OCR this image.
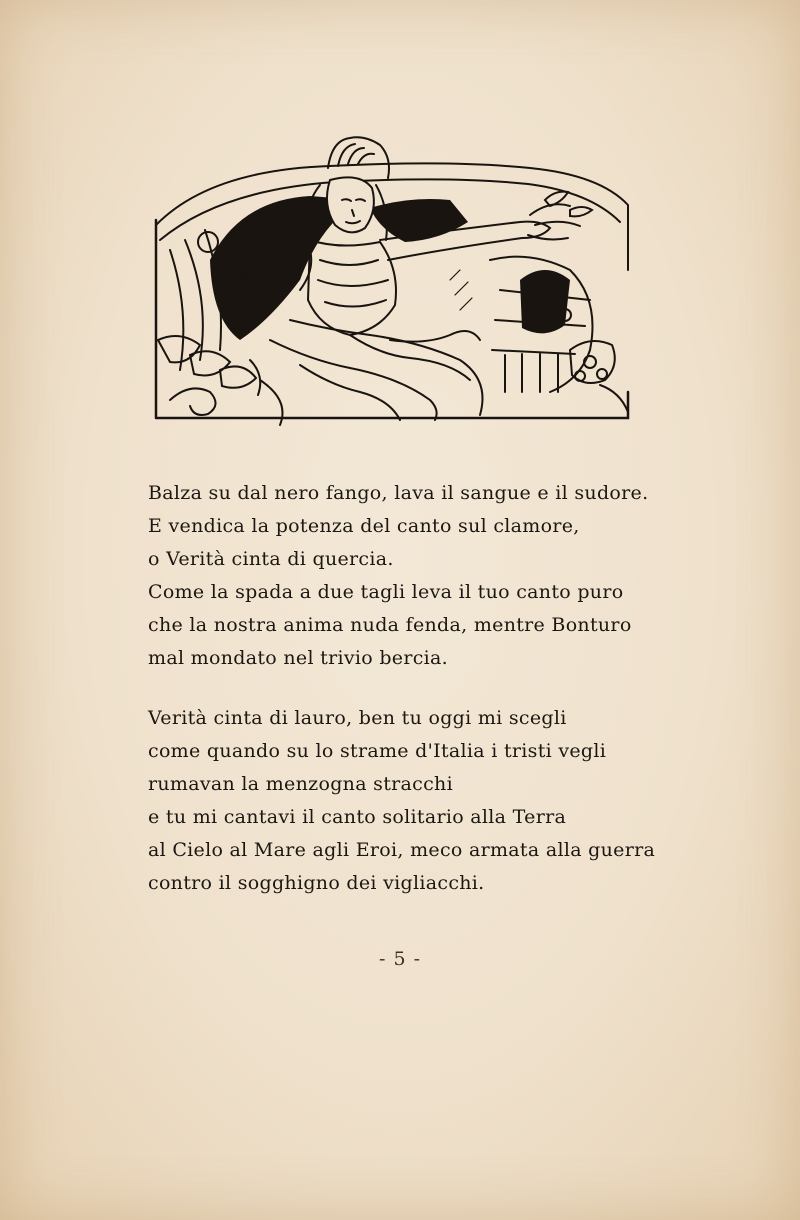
Balza su dal nero fango, lava il sangue e il sudore.
E vendica la potenza del canto sul clamore,
o Verità cinta di quercia.
Come la spada a due tagli leva il tuo canto puro
che la nostra anima nuda fenda, mentre Bonturo
mal mondato nel trivio bercia.
Verità cinta di lauro, ben tu oggi mi scegli
come quando su lo strame d'Italia i tristi vegli
rumavan la menzogna stracchi
e tu mi cantavi il canto solitario alla Terra
al Cielo al Mare agli Eroi, meco armata alla guerra
contro il sogghigno dei vigliacchi.
- 5 -
